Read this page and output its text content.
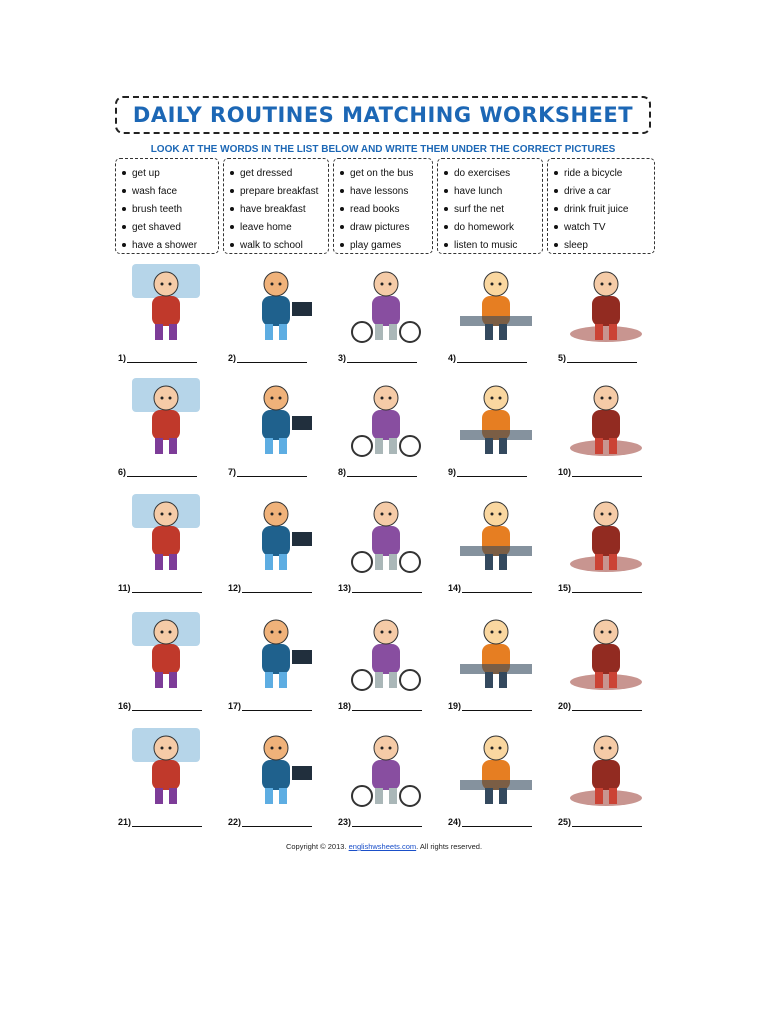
DAILY ROUTINES MATCHING WORKSHEET
LOOK AT THE WORDS IN THE LIST BELOW AND WRITE THEM UNDER THE CORRECT PICTURES
get up
wash face
brush teeth
get shaved
have a shower
get dressed
prepare breakfast
have breakfast
leave home
walk to school
get on the bus
have lessons
read books
draw pictures
play games
do exercises
have lunch
surf the net
do homework
listen to music
ride a bicycle
drive a car
drink fruit juice
watch TV
sleep
1)	2)	3)	4)	5)
6)	7)	8)	9)	10)
11)	12)	13)	14)	15)
16)	17)	18)	19)	20)
21)	22)	23)	24)	25)
Copyright © 2013. englishwsheets.com. All rights reserved.
